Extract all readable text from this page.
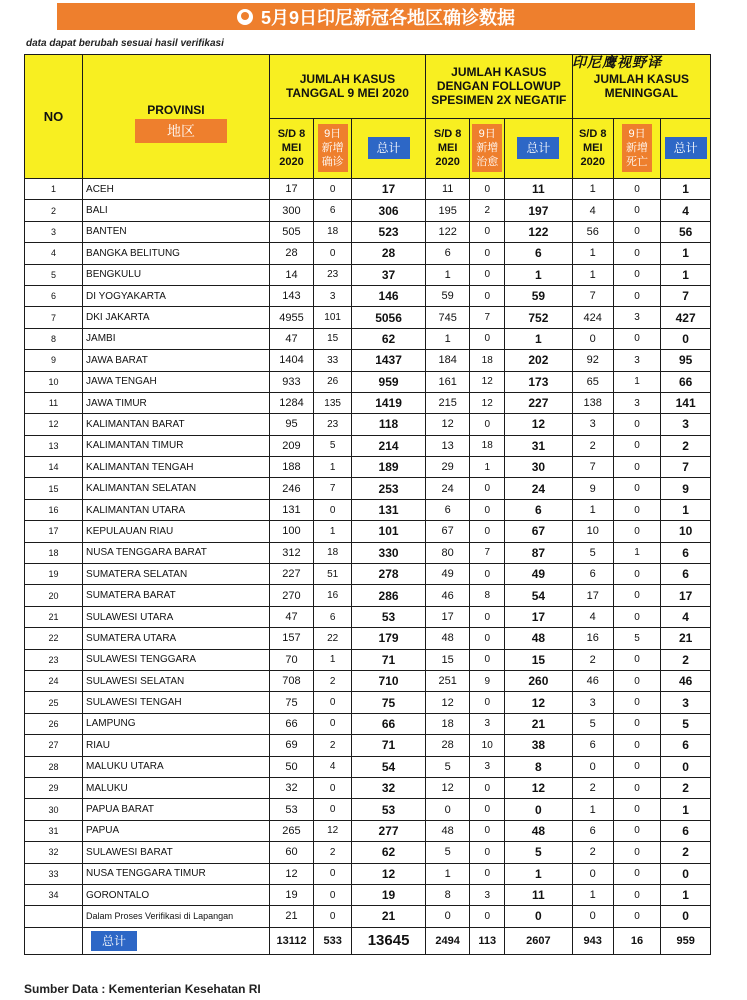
5月9日印尼新冠各地区确诊数据
data dapat berubah sesuai hasil verifikasi
印尼鹰视野译
NO	PROVINSI
地区	JUMLAH KASUS TANGGAL 9 MEI 2020			JUMLAH KASUS DENGAN FOLLOWUP SPESIMEN 2X NEGATIF			JUMLAH KASUS MENINGGAL		

		S/D 8 MEI 2020	9日 新增 确诊	总计	S/D 8 MEI 2020	9日 新增 治愈	总计	S/D 8 MEI 2020	9日 新增 死亡	总计
1	ACEH	17	0	17	11	0	11	1	0	1
2	BALI	300	6	306	195	2	197	4	0	4
3	BANTEN	505	18	523	122	0	122	56	0	56
4	BANGKA BELITUNG	28	0	28	6	0	6	1	0	1
5	BENGKULU	14	23	37	1	0	1	1	0	1
6	DI YOGYAKARTA	143	3	146	59	0	59	7	0	7
7	DKI JAKARTA	4955	101	5056	745	7	752	424	3	427
8	JAMBI	47	15	62	1	0	1	0	0	0
9	JAWA BARAT	1404	33	1437	184	18	202	92	3	95
10	JAWA TENGAH	933	26	959	161	12	173	65	1	66
11	JAWA TIMUR	1284	135	1419	215	12	227	138	3	141
12	KALIMANTAN BARAT	95	23	118	12	0	12	3	0	3
13	KALIMANTAN TIMUR	209	5	214	13	18	31	2	0	2
14	KALIMANTAN TENGAH	188	1	189	29	1	30	7	0	7
15	KALIMANTAN SELATAN	246	7	253	24	0	24	9	0	9
16	KALIMANTAN UTARA	131	0	131	6	0	6	1	0	1
17	KEPULAUAN RIAU	100	1	101	67	0	67	10	0	10
18	NUSA TENGGARA BARAT	312	18	330	80	7	87	5	1	6
19	SUMATERA SELATAN	227	51	278	49	0	49	6	0	6
20	SUMATERA BARAT	270	16	286	46	8	54	17	0	17
21	SULAWESI UTARA	47	6	53	17	0	17	4	0	4
22	SUMATERA UTARA	157	22	179	48	0	48	16	5	21
23	SULAWESI TENGGARA	70	1	71	15	0	15	2	0	2
24	SULAWESI SELATAN	708	2	710	251	9	260	46	0	46
25	SULAWESI TENGAH	75	0	75	12	0	12	3	0	3
26	LAMPUNG	66	0	66	18	3	21	5	0	5
27	RIAU	69	2	71	28	10	38	6	0	6
28	MALUKU UTARA	50	4	54	5	3	8	0	0	0
29	MALUKU	32	0	32	12	0	12	2	0	2
30	PAPUA BARAT	53	0	53	0	0	0	1	0	1
31	PAPUA	265	12	277	48	0	48	6	0	6
32	SULAWESI BARAT	60	2	62	5	0	5	2	0	2
33	NUSA TENGGARA TIMUR	12	0	12	1	0	1	0	0	0
34	GORONTALO	19	0	19	8	3	11	1	0	1
	Dalam Proses Verifikasi di Lapangan	21	0	21	0	0	0	0	0	0
	总计	13112	533	13645	2494	113	2607	943	16	959
Sumber Data : Kementerian Kesehatan RI
